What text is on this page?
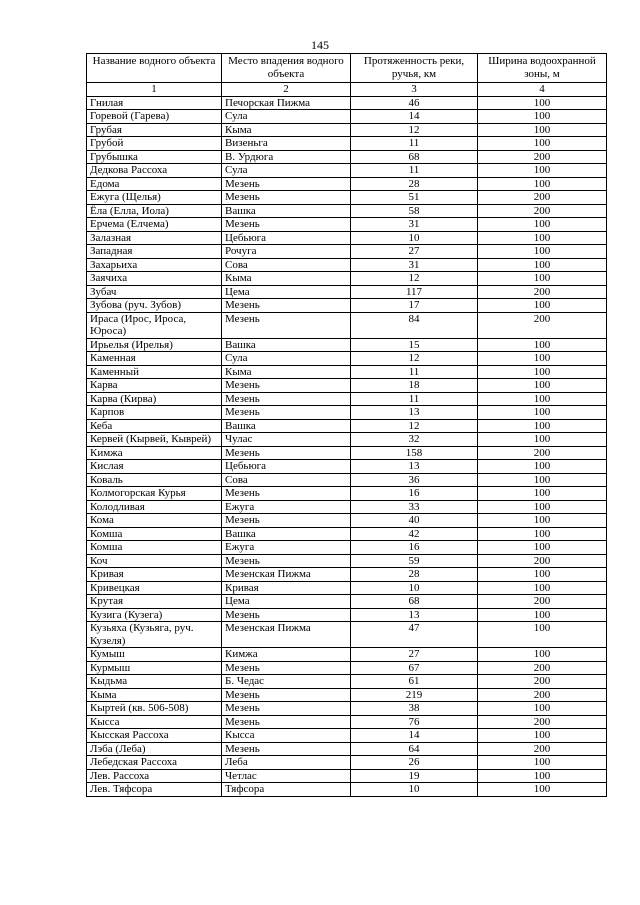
145
Название водного объекта	Место впадения водного объекта	Протяженность реки, ручья, км	Ширина водоохранной зоны, м
1	2	3	4
Гнилая	Печорская Пижма	46	100
Горевой (Гарева)	Сула	14	100
Грубая	Кыма	12	100
Грубой	Визеньга	11	100
Грубышка	В. Урдюга	68	200
Дедкова Рассоха	Сула	11	100
Едома	Мезень	28	100
Ежуга (Щелья)	Мезень	51	200
Ёла (Елла, Иола)	Вашка	58	200
Ерчема (Елчема)	Мезень	31	100
Залазная	Цебьюга	10	100
Западная	Рочуга	27	100
Захарьиха	Сова	31	100
Заячиха	Кыма	12	100
Зубач	Цема	117	200
Зубова (руч. Зубов)	Мезень	17	100
Ираса (Ирос, Ироса, Юроса)	Мезень	84	200
Ирьелья (Ирелья)	Вашка	15	100
Каменная	Сула	12	100
Каменный	Кыма	11	100
Карва	Мезень	18	100
Карва (Кирва)	Мезень	11	100
Карпов	Мезень	13	100
Кеба	Вашка	12	100
Кервей (Кырвей, Кыврей)	Чулас	32	100
Кимжа	Мезень	158	200
Кислая	Цебьюга	13	100
Коваль	Сова	36	100
Колмогорская Курья	Мезень	16	100
Колодливая	Ежуга	33	100
Кома	Мезень	40	100
Комша	Вашка	42	100
Комша	Ежуга	16	100
Коч	Мезень	59	200
Кривая	Мезенская Пижма	28	100
Кривецкая	Кривая	10	100
Крутая	Цема	68	200
Кузига (Кузега)	Мезень	13	100
Кузьяха (Кузьяга, руч. Кузеля)	Мезенская Пижма	47	100
Кумыш	Кимжа	27	100
Курмыш	Мезень	67	200
Кыдьма	Б. Чедас	61	200
Кыма	Мезень	219	200
Кыртей (кв. 506-508)	Мезень	38	100
Кысса	Мезень	76	200
Кысская Рассоха	Кысса	14	100
Лэба (Леба)	Мезень	64	200
Лебедская Рассоха	Леба	26	100
Лев. Рассоха	Четлас	19	100
Лев. Тяфсора	Тяфсора	10	100
